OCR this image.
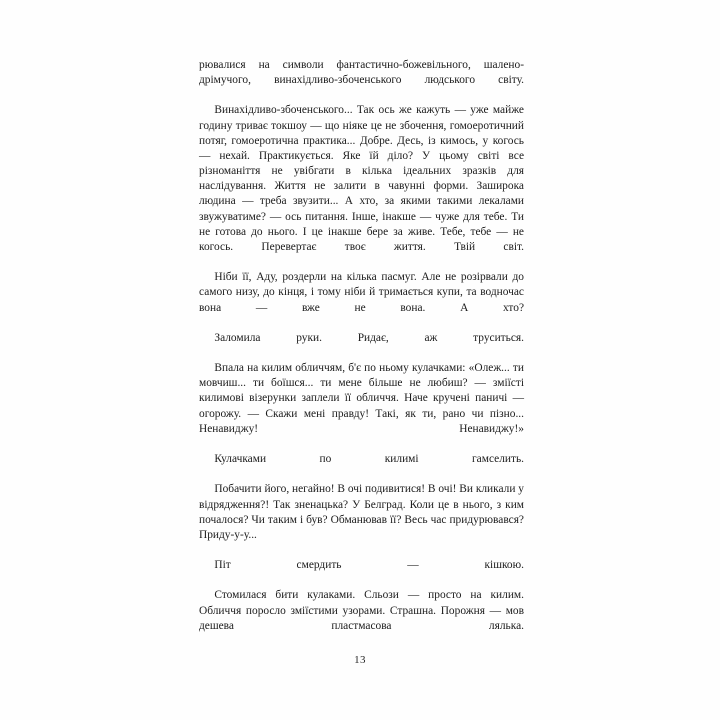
рювалися на символи фантастично-божевільного, шалено-дрімучого, винахідливо-збоченського людського світу.

Винахідливо-збоченського... Так ось же кажуть — уже майже годину триває токшоу — що ніяке це не збочення, гомоеротичний потяг, гомоеротична практика... Добре. Десь, із кимось, у когось — нехай. Практикується. Яке їй діло? У цьому світі все різноманіття не увібгати в кілька ідеальних зразків для наслідування. Життя не залити в чавунні форми. Заширока людина — треба звузити... А хто, за якими такими лекалами звужуватиме? — ось питання. Інше, інакше — чуже для тебе. Ти не готова до нього. І це інакше бере за живе. Тебе, тебе — не когось. Перевертає твоє життя. Твій світ.

Ніби її, Аду, роздерли на кілька пасмуг. Але не розірвали до самого низу, до кінця, і тому ніби й тримається купи, та водночас вона — вже не вона. А хто?

Заломила руки. Ридає, аж труситься.

Впала на килим обличчям, б'є по ньому кулачками: «Олеж... ти мовчиш... ти боїшся... ти мене більше не любиш? — зміїсті килимові візерунки заплели її обличчя. Наче кручені паничі — огорожу. — Скажи мені правду! Такі, як ти, рано чи пізно... Ненавиджу! Ненавиджу!»

Кулачками по килимі гамселить.

Побачити його, негайно! В очі подивитися! В очі! Ви кликали у відрядження?! Так зненацька? У Белград. Коли це в нього, з ким почалося? Чи таким і був? Обманював її? Весь час придурювався? Приду-у-у...

Піт смердить — кішкою.

Стомилася бити кулаками. Сльози — просто на килим. Обличчя поросло зміїстими узорами. Страшна. Порожня — мов дешева пластмасова лялька.

13
